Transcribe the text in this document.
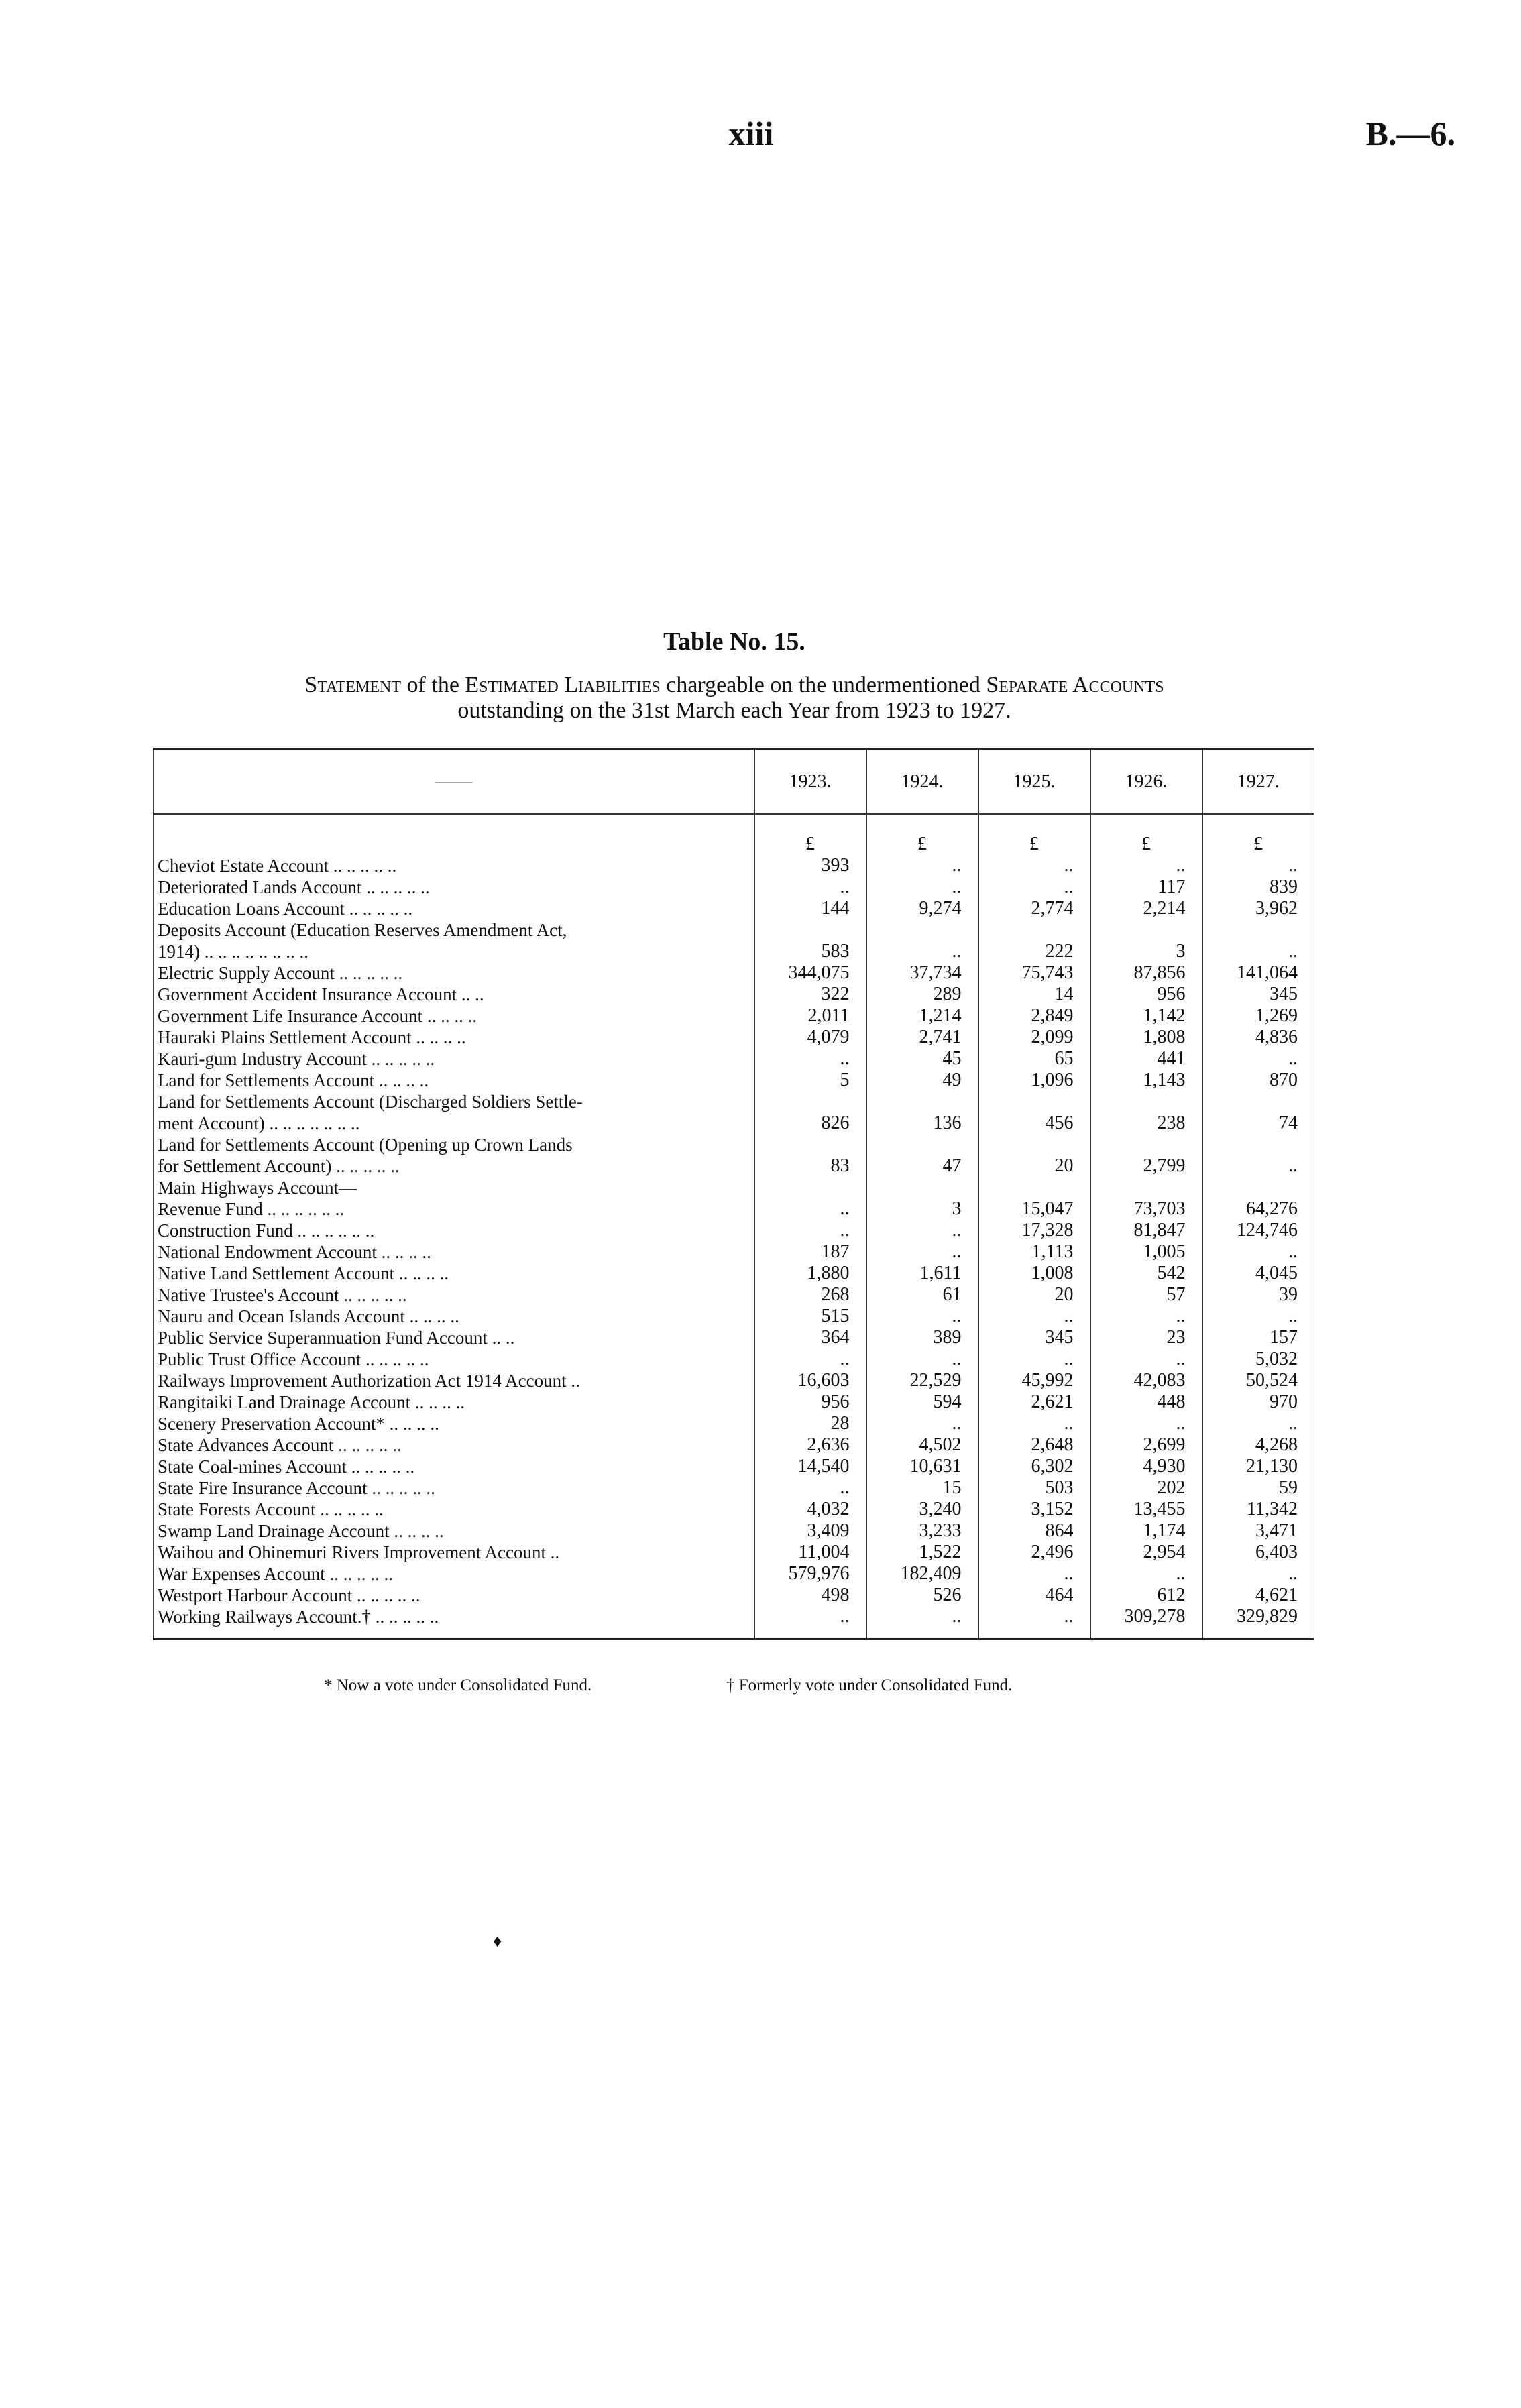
xiii	B.—6.
Table No. 15.
Statement of the Estimated Liabilities chargeable on the undermentioned Separate Accounts
outstanding on the 31st March each Year from 1923 to 1927.
——	1923.	1924.	1925.	1926.	1927.
	£	£	£	£	£
Cheviot Estate Account .. .. .. .. ..	393	..	..	..	..
Deteriorated Lands Account .. .. .. .. ..	..	..	..	117	839
Education Loans Account .. .. .. .. ..	144	9,274	2,774	2,214	3,962
Deposits Account (Education Reserves Amendment Act,					
1914) .. .. .. .. .. .. .. ..	583	..	222	3	..
Electric Supply Account .. .. .. .. ..	344,075	37,734	75,743	87,856	141,064
Government Accident Insurance Account .. ..	322	289	14	956	345
Government Life Insurance Account .. .. .. ..	2,011	1,214	2,849	1,142	1,269
Hauraki Plains Settlement Account .. .. .. ..	4,079	2,741	2,099	1,808	4,836
Kauri-gum Industry Account .. .. .. .. ..	..	45	65	441	..
Land for Settlements Account .. .. .. ..	5	49	1,096	1,143	870
Land for Settlements Account (Discharged Soldiers Settle-					
ment Account) .. .. .. .. .. .. ..	826	136	456	238	74
Land for Settlements Account (Opening up Crown Lands					
for Settlement Account) .. .. .. .. ..	83	47	20	2,799	..
Main Highways Account—					
Revenue Fund .. .. .. .. .. ..	..	3	15,047	73,703	64,276
Construction Fund .. .. .. .. .. ..	..	..	17,328	81,847	124,746
National Endowment Account .. .. .. ..	187	..	1,113	1,005	..
Native Land Settlement Account .. .. .. ..	1,880	1,611	1,008	542	4,045
Native Trustee's Account .. .. .. .. ..	268	61	20	57	39
Nauru and Ocean Islands Account .. .. .. ..	515	..	..	..	..
Public Service Superannuation Fund Account .. ..	364	389	345	23	157
Public Trust Office Account .. .. .. .. ..	..	..	..	..	5,032
Railways Improvement Authorization Act 1914 Account ..	16,603	22,529	45,992	42,083	50,524
Rangitaiki Land Drainage Account .. .. .. ..	956	594	2,621	448	970
Scenery Preservation Account* .. .. .. ..	28	..	..	..	..
State Advances Account .. .. .. .. ..	2,636	4,502	2,648	2,699	4,268
State Coal-mines Account .. .. .. .. ..	14,540	10,631	6,302	4,930	21,130
State Fire Insurance Account .. .. .. .. ..	..	15	503	202	59
State Forests Account .. .. .. .. ..	4,032	3,240	3,152	13,455	11,342
Swamp Land Drainage Account .. .. .. ..	3,409	3,233	864	1,174	3,471
Waihou and Ohinemuri Rivers Improvement Account ..	11,004	1,522	2,496	2,954	6,403
War Expenses Account .. .. .. .. ..	579,976	182,409	..	..	..
Westport Harbour Account .. .. .. .. ..	498	526	464	612	4,621
Working Railways Account.† .. .. .. .. ..	..	..	..	309,278	329,829
* Now a vote under Consolidated Fund.	† Formerly vote under Consolidated Fund.
♦
